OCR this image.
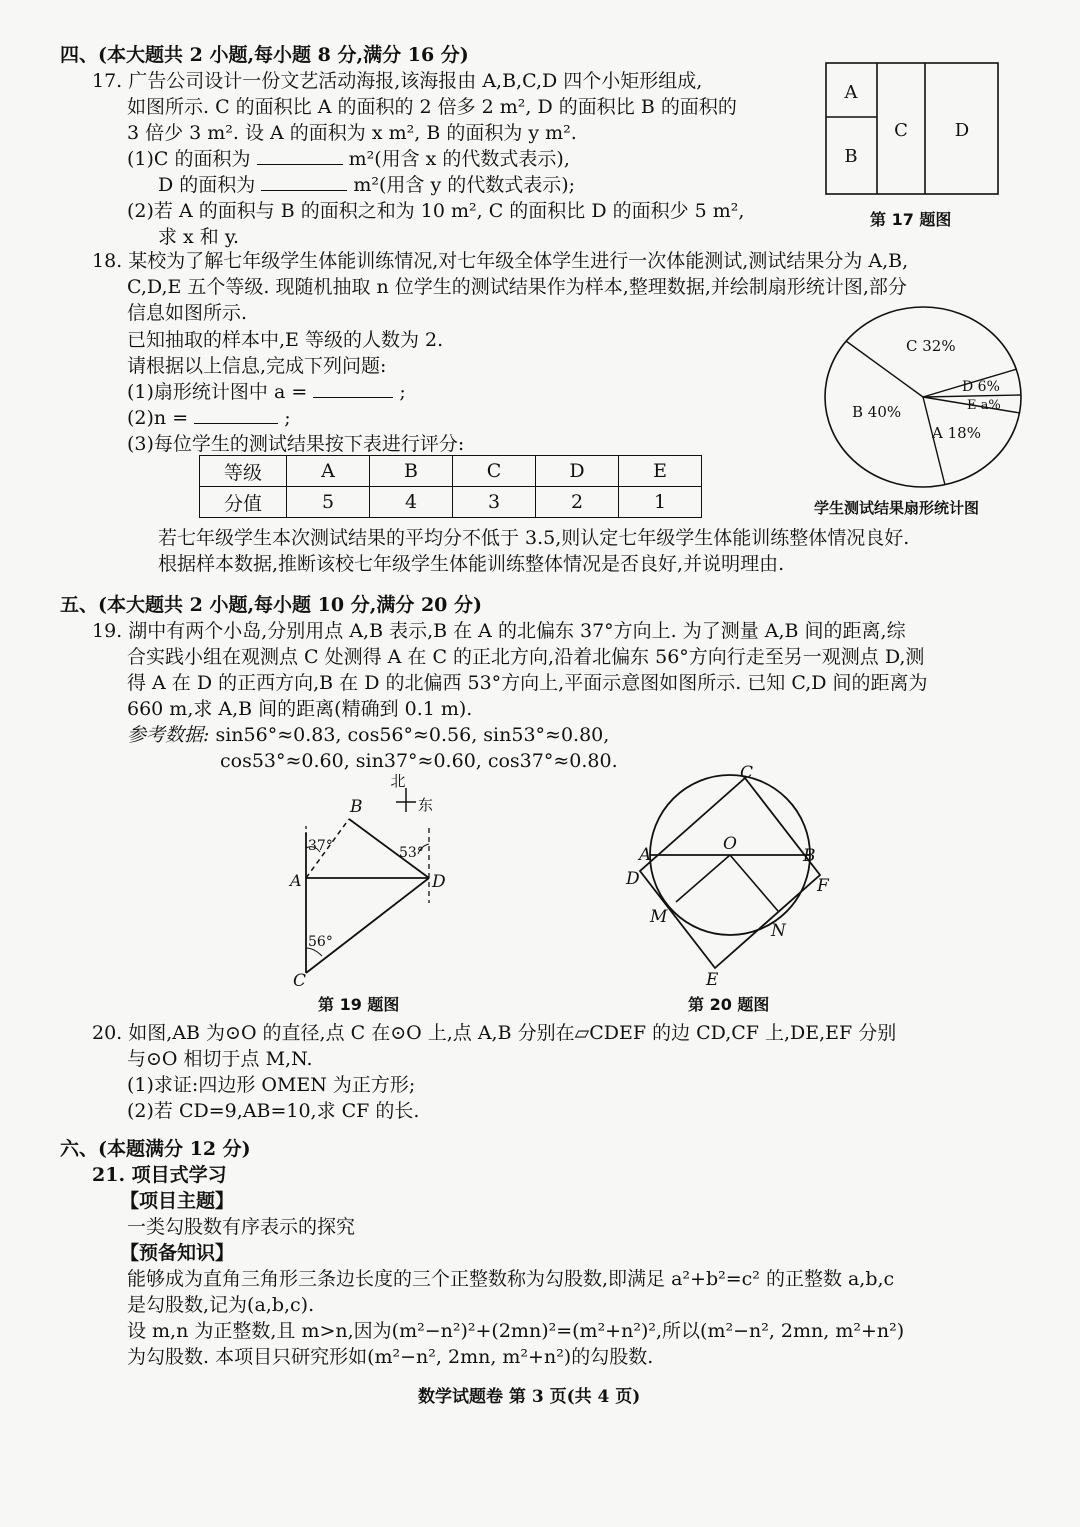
四、(本大题共 2 小题,每小题 8 分,满分 16 分)
17. 广告公司设计一份文艺活动海报,该海报由 A,B,C,D 四个小矩形组成,
如图所示. C 的面积比 A 的面积的 2 倍多 2 m², D 的面积比 B 的面积的
3 倍少 3 m². 设 A 的面积为 x m², B 的面积为 y m².
(1)C 的面积为	m²(用含 x 的代数式表示),
D 的面积为	m²(用含 y 的代数式表示);
(2)若 A 的面积与 B 的面积之和为 10 m², C 的面积比 D 的面积少 5 m²,
求 x 和 y.
A
B
C	D
第 17 题图
18. 某校为了解七年级学生体能训练情况,对七年级全体学生进行一次体能测试,测试结果分为 A,B,
C,D,E 五个等级. 现随机抽取 n 位学生的测试结果作为样本,整理数据,并绘制扇形统计图,部分
信息如图所示.
已知抽取的样本中,E 等级的人数为 2.
请根据以上信息,完成下列问题:
(1)扇形统计图中 a =	;
(2)n =	;
(3)每位学生的测试结果按下表进行评分:
等级	A	B	C	D	E
分值	5	4	3	2	1
若七年级学生本次测试结果的平均分不低于 3.5,则认定七年级学生体能训练整体情况良好.
根据样本数据,推断该校七年级学生体能训练整体情况是否良好,并说明理由.
C 32%
D 6%
E a%
B 40%
A 18%
学生测试结果扇形统计图
五、(本大题共 2 小题,每小题 10 分,满分 20 分)
19. 湖中有两个小岛,分别用点 A,B 表示,B 在 A 的北偏东 37°方向上. 为了测量 A,B 间的距离,综
合实践小组在观测点 C 处测得 A 在 C 的正北方向,沿着北偏东 56°方向行走至另一观测点 D,测
得 A 在 D 的正西方向,B 在 D 的北偏西 53°方向上,平面示意图如图所示. 已知 C,D 间的距离为
660 m,求 A,B 间的距离(精确到 0.1 m).
参考数据: sin56°≈0.83, cos56°≈0.56, sin53°≈0.80,
cos53°≈0.60, sin37°≈0.60, cos37°≈0.80.
北
东
B
A	D
C
37°	53°
56°
第 19 题图
C
A
O
B
D	F
M
N
E
第 20 题图
20. 如图,AB 为⊙O 的直径,点 C 在⊙O 上,点 A,B 分别在▱CDEF 的边 CD,CF 上,DE,EF 分别
与⊙O 相切于点 M,N.
(1)求证:四边形 OMEN 为正方形;
(2)若 CD=9,AB=10,求 CF 的长.
六、(本题满分 12 分)
21. 项目式学习
【项目主题】
一类勾股数有序表示的探究
【预备知识】
能够成为直角三角形三条边长度的三个正整数称为勾股数,即满足 a²+b²=c² 的正整数 a,b,c
是勾股数,记为(a,b,c).
设 m,n 为正整数,且 m>n,因为(m²−n²)²+(2mn)²=(m²+n²)²,所以(m²−n², 2mn, m²+n²)
为勾股数. 本项目只研究形如(m²−n², 2mn, m²+n²)的勾股数.
数学试题卷 第 3 页(共 4 页)
